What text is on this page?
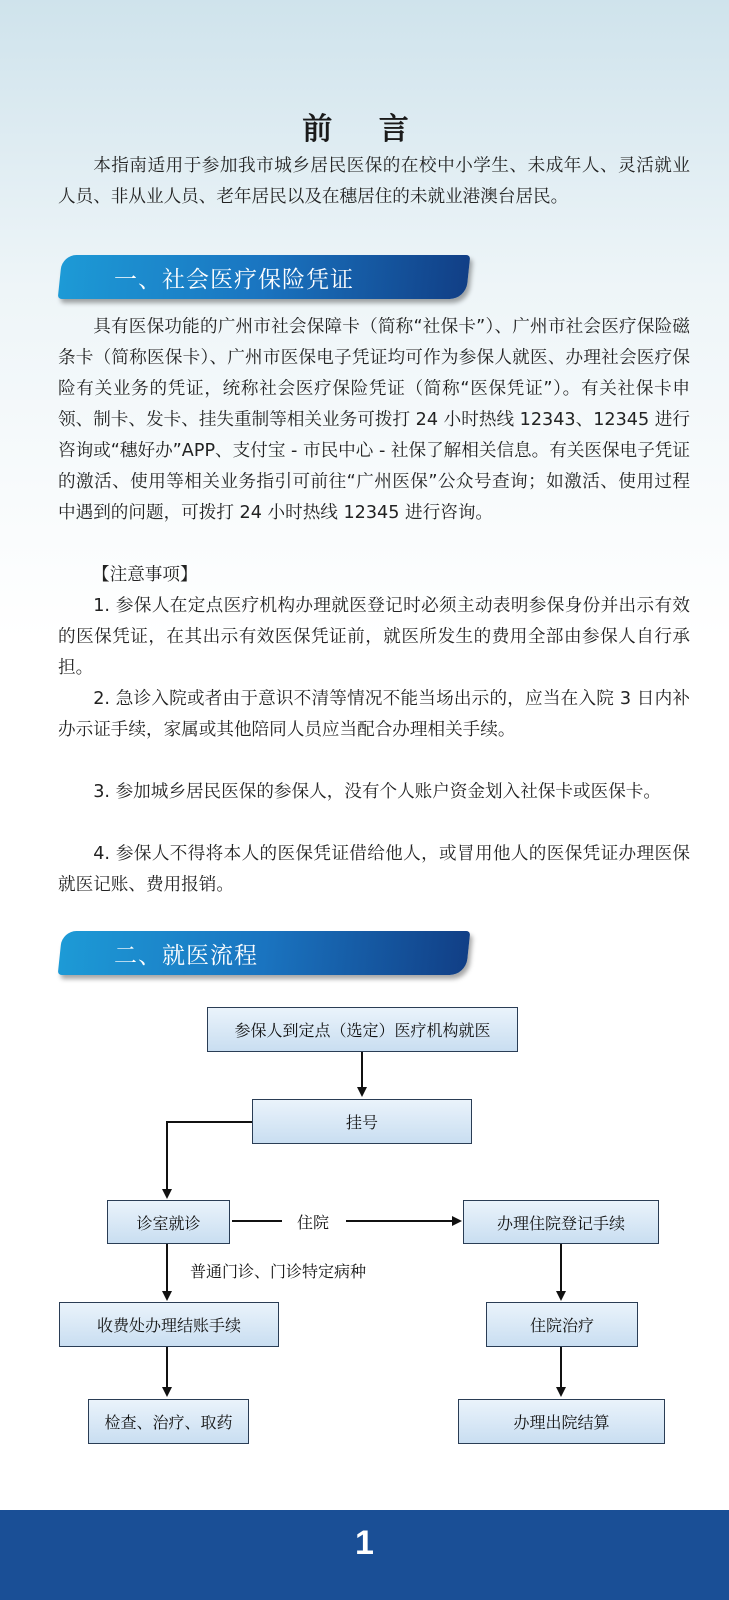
前 言

本指南适用于参加我市城乡居民医保的在校中小学生、未成年人、灵活就业人员、非从业人员、老年居民以及在穗居住的未就业港澳台居民。

一、社会医疗保险凭证

具有医保功能的广州市社会保障卡（简称“社保卡”）、广州市社会医疗保险磁条卡（简称医保卡）、广州市医保电子凭证均可作为参保人就医、办理社会医疗保险有关业务的凭证，统称社会医疗保险凭证（简称“医保凭证”）。有关社保卡申领、制卡、发卡、挂失重制等相关业务可拨打 24 小时热线 12343、12345 进行咨询或“穗好办”APP、支付宝 - 市民中心 - 社保了解相关信息。有关医保电子凭证的激活、使用等相关业务指引可前往“广州医保”公众号查询；如激活、使用过程中遇到的问题，可拨打 24 小时热线 12345 进行咨询。

【注意事项】

1. 参保人在定点医疗机构办理就医登记时必须主动表明参保身份并出示有效的医保凭证，在其出示有效医保凭证前，就医所发生的费用全部由参保人自行承担。

2. 急诊入院或者由于意识不清等情况不能当场出示的，应当在入院 3 日内补办示证手续，家属或其他陪同人员应当配合办理相关手续。

3. 参加城乡居民医保的参保人，没有个人账户资金划入社保卡或医保卡。

4. 参保人不得将本人的医保凭证借给他人，或冒用他人的医保凭证办理医保就医记账、费用报销。

二、就医流程
参保人到定点（选定）医疗机构就医
挂号
诊室就诊	住院	办理住院登记手续
普通门诊、门诊特定病种
收费处办理结账手续	住院治疗
检查、治疗、取药	办理出院结算
1
